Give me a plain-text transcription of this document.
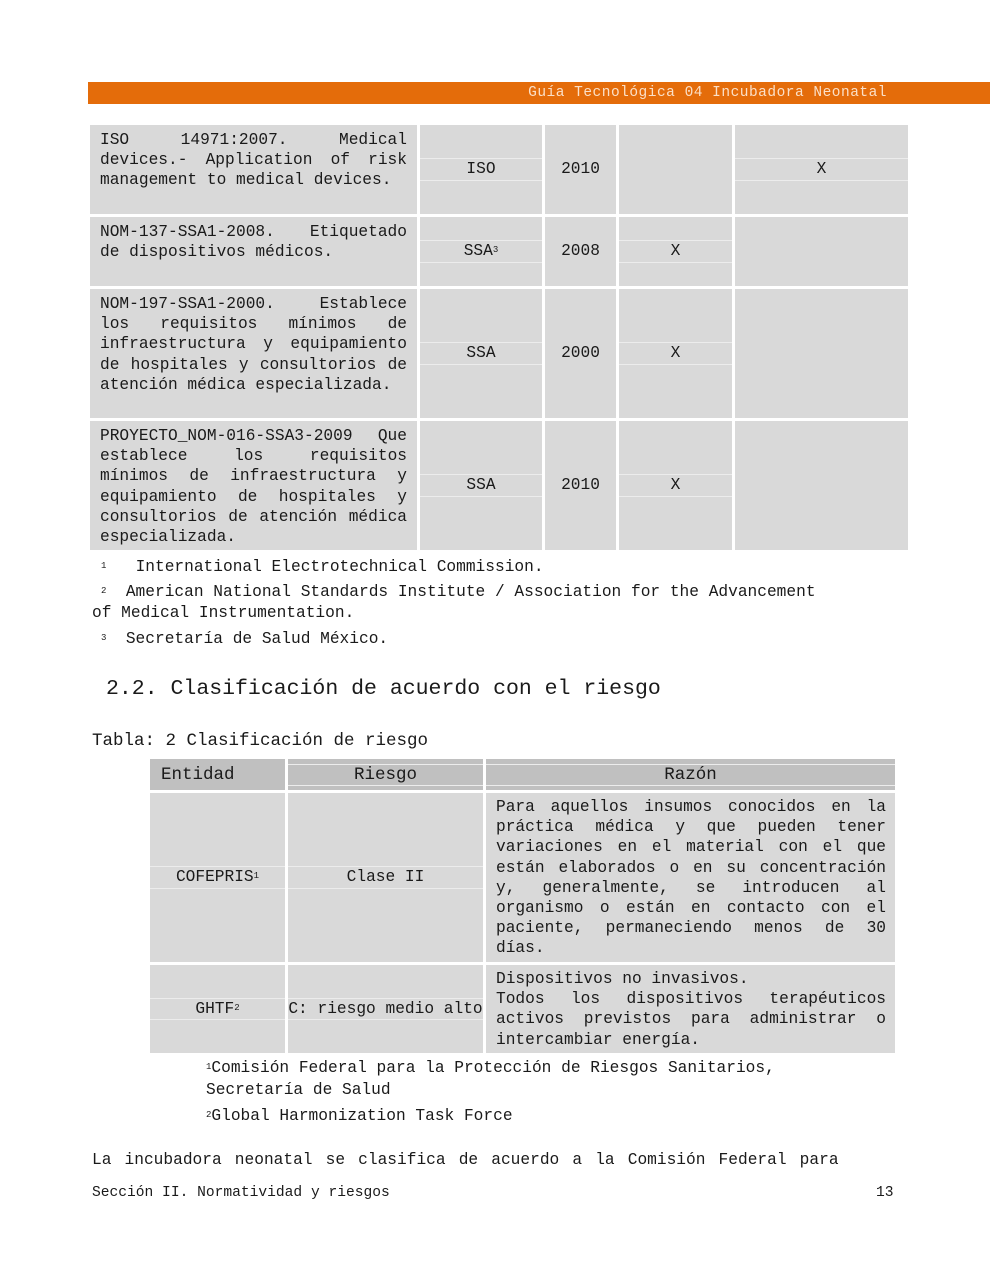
Guía Tecnológica 04 Incubadora Neonatal
ISO 14971:2007. Medical devices.- Application of risk management to medical devices.	ISO	2010		X

NOM-137-SSA1-2008. Etiquetado de dispositivos médicos.	SSA$^3$	2008	X	

NOM-197-SSA1-2000. Establece los requisitos mínimos de infraestructura y equipamiento de hospitales y consultorios de atención médica especializada.	SSA	2000	X	

PROYECTO_NOM-016-SSA3-2009 Que establece los requisitos mínimos de infraestructura y equipamiento de hospitales y consultorios de atención médica especializada.	SSA	2010	X	

$^1$ International Electrotechnical Commission.
$^2$ American National Standards Institute / Association for the Advancement
of Medical Instrumentation.
$^3$ Secretaría de Salud México.
2.2. Clasificación de acuerdo con el riesgo
Tabla: 2 Clasificación de riesgo
Entidad	Riesgo	Razón

COFEPRIS$^1$	Clase II	Para aquellos insumos conocidos en la práctica médica y que pueden tener variaciones en el material con el que están elaborados o en su concentración y, generalmente, se introducen al organismo o están en contacto con el paciente, permaneciendo menos de 30 días.

GHTF$^2$	C: riesgo medio alto	Dispositivos no invasivos.
Todos los dispositivos terapéuticos activos previstos para administrar o intercambiar energía.
$^1$Comisión Federal para la Protección de Riesgos Sanitarios,
Secretaría de Salud
$^2$Global Harmonization Task Force
La incubadora neonatal se clasifica de acuerdo a la Comisión Federal para
Sección II. Normatividad y riesgos	13
